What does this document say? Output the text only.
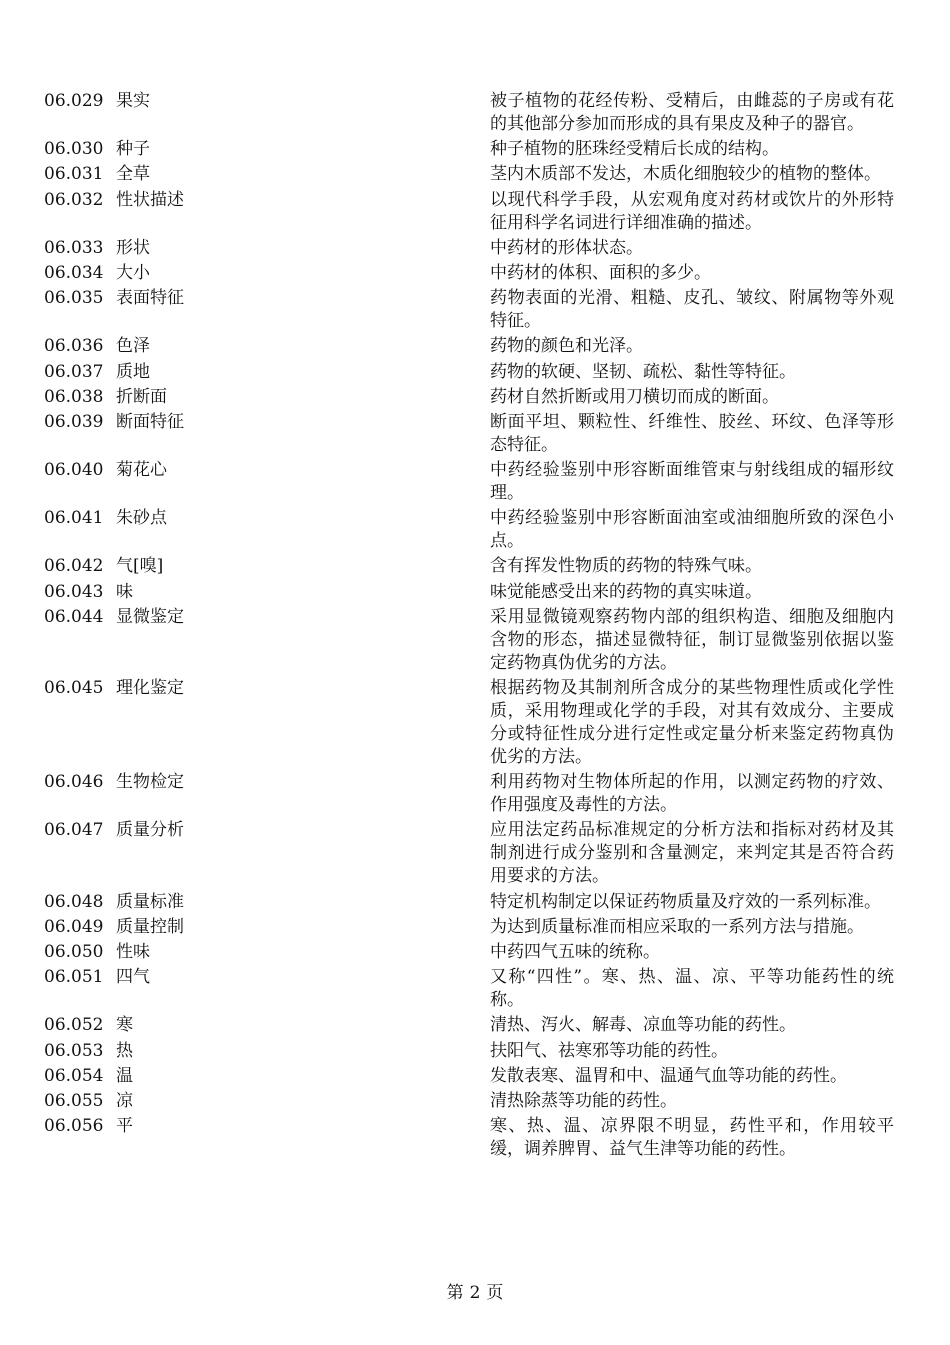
06.029 果实	被子植物的花经传粉、受精后，由雌蕊的子房或有花的其他部分参加而形成的具有果皮及种子的器官。
06.030 种子	种子植物的胚珠经受精后长成的结构。
06.031 全草	茎内木质部不发达，木质化细胞较少的植物的整体。
06.032 性状描述	以现代科学手段，从宏观角度对药材或饮片的外形特征用科学名词进行详细准确的描述。
06.033 形状	中药材的形体状态。
06.034 大小	中药材的体积、面积的多少。
06.035 表面特征	药物表面的光滑、粗糙、皮孔、皱纹、附属物等外观特征。
06.036 色泽	药物的颜色和光泽。
06.037 质地	药物的软硬、坚韧、疏松、黏性等特征。
06.038 折断面	药材自然折断或用刀横切而成的断面。
06.039 断面特征	断面平坦、颗粒性、纤维性、胶丝、环纹、色泽等形态特征。
06.040 菊花心	中药经验鉴别中形容断面维管束与射线组成的辐形纹理。
06.041 朱砂点	中药经验鉴别中形容断面油室或油细胞所致的深色小点。
06.042 气[嗅]	含有挥发性物质的药物的特殊气味。
06.043 味	味觉能感受出来的药物的真实味道。
06.044 显微鉴定	采用显微镜观察药物内部的组织构造、细胞及细胞内含物的形态，描述显微特征，制订显微鉴别依据以鉴定药物真伪优劣的方法。
06.045 理化鉴定	根据药物及其制剂所含成分的某些物理性质或化学性质，采用物理或化学的手段，对其有效成分、主要成分或特征性成分进行定性或定量分析来鉴定药物真伪优劣的方法。
06.046 生物检定	利用药物对生物体所起的作用，以测定药物的疗效、作用强度及毒性的方法。
06.047 质量分析	应用法定药品标准规定的分析方法和指标对药材及其制剂进行成分鉴别和含量测定，来判定其是否符合药用要求的方法。
06.048 质量标准	特定机构制定以保证药物质量及疗效的一系列标准。
06.049 质量控制	为达到质量标准而相应采取的一系列方法与措施。
06.050 性味	中药四气五味的统称。
06.051 四气	又称“四性”。寒、热、温、凉、平等功能药性的统称。
06.052 寒	清热、泻火、解毒、凉血等功能的药性。
06.053 热	扶阳气、祛寒邪等功能的药性。
06.054 温	发散表寒、温胃和中、温通气血等功能的药性。
06.055 凉	清热除蒸等功能的药性。
06.056 平	寒、热、温、凉界限不明显，药性平和，作用较平缓，调养脾胃、益气生津等功能的药性。
第 2 页
